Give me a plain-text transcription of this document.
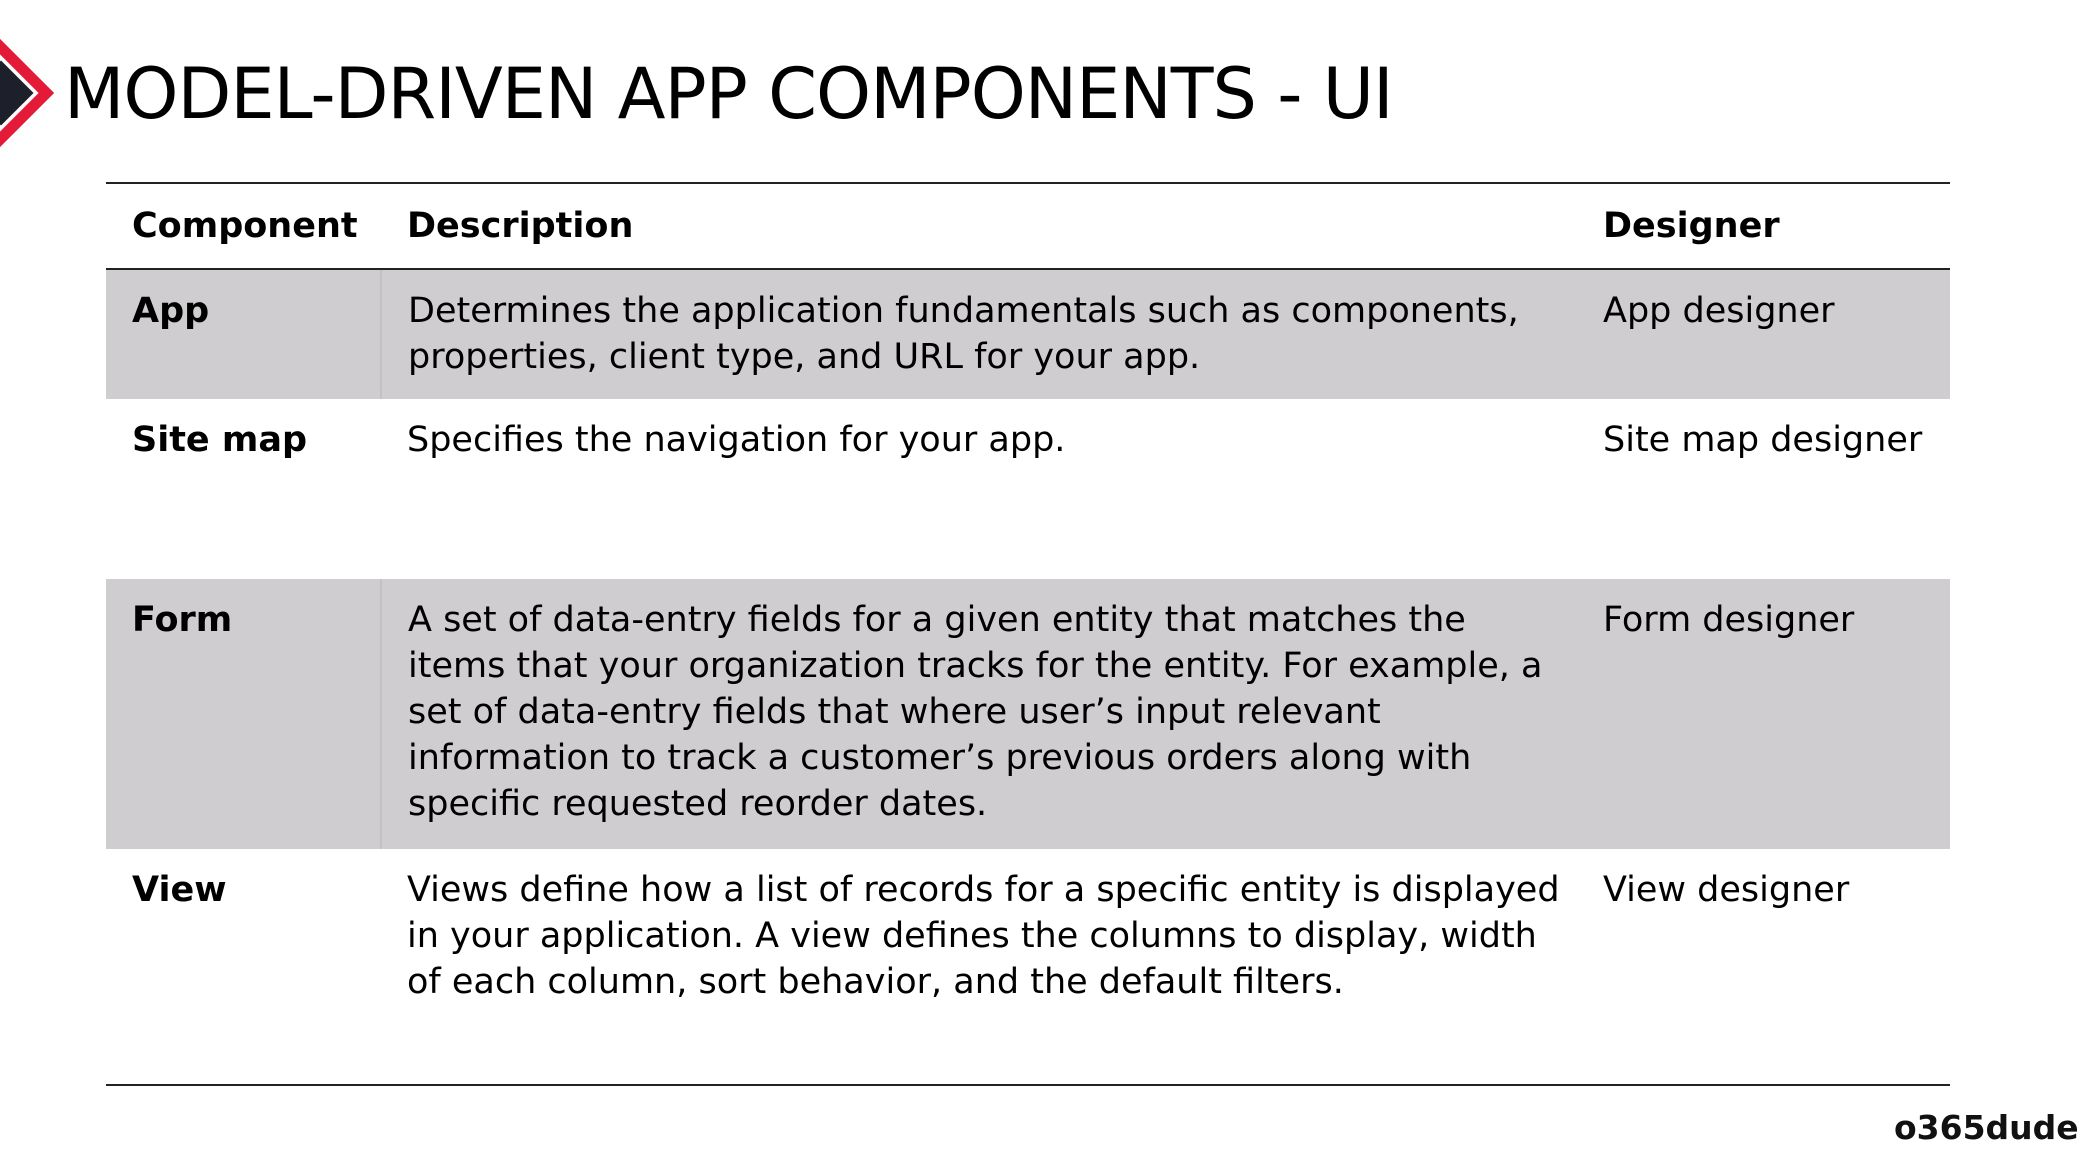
MODEL-DRIVEN APP COMPONENTS - UI
Component	Description	Designer
App	Determines the application fundamentals such as components, properties, client type, and URL for your app.	App designer
Site map	Specifies the navigation for your app.	Site map designer
Form	A set of data-entry fields for a given entity that matches the items that your organization tracks for the entity. For example, a set of data-entry fields that where user’s input relevant information to track a customer’s previous orders along with specific requested reorder dates.	Form designer
View	Views define how a list of records for a specific entity is displayed in your application. A view defines the columns to display, width of each column, sort behavior, and the default filters.	View designer
o365dude
